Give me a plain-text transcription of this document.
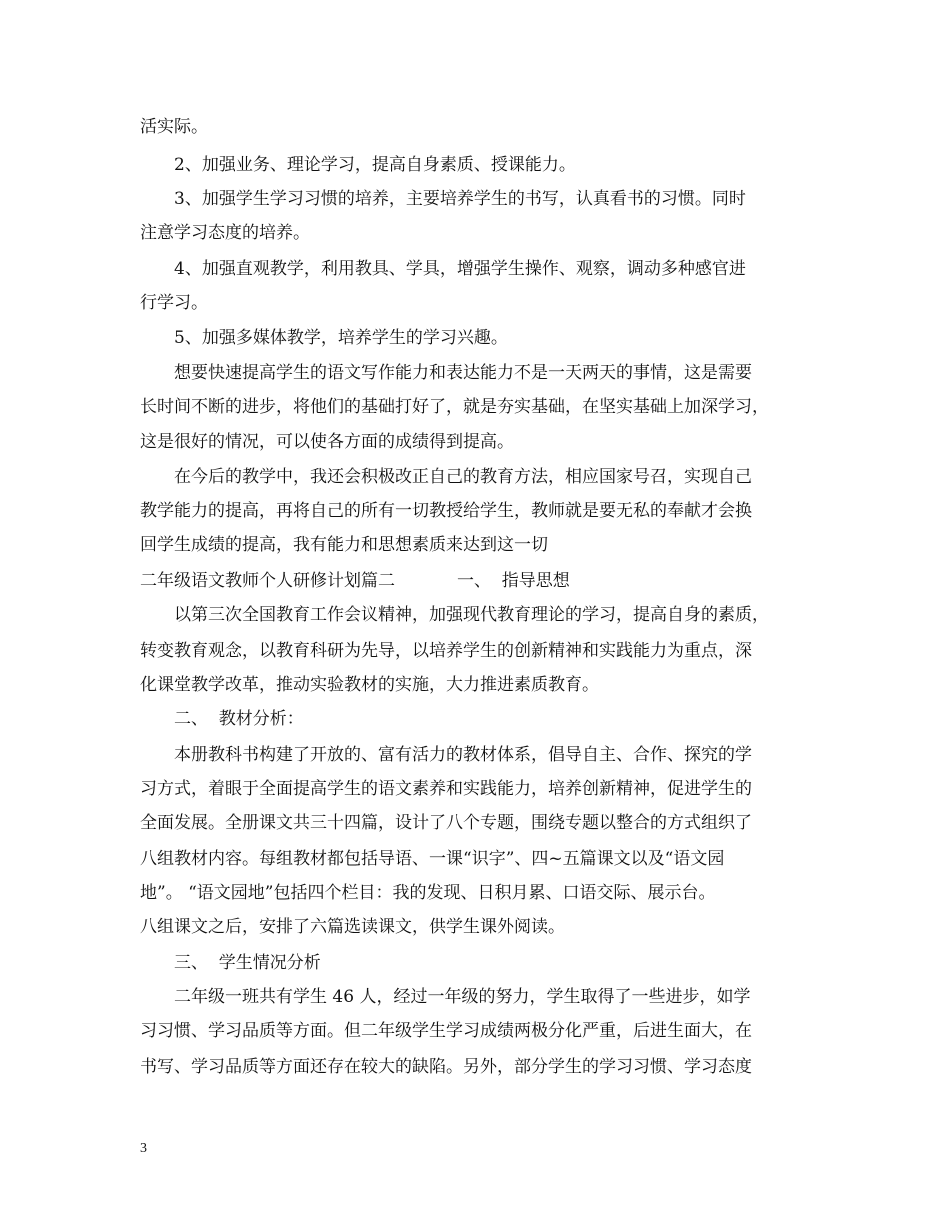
活实际。

2、加强业务、理论学习，提高自身素质、授课能力。

3、加强学生学习习惯的培养，主要培养学生的书写，认真看书的习惯。同时

注意学习态度的培养。

4、加强直观教学，利用教具、学具，增强学生操作、观察，调动多种感官进

行学习。

5、加强多媒体教学，培养学生的学习兴趣。

想要快速提高学生的语文写作能力和表达能力不是一天两天的事情，这是需要

长时间不断的进步，将他们的基础打好了，就是夯实基础，在坚实基础上加深学习，

这是很好的情况，可以使各方面的成绩得到提高。

在今后的教学中，我还会积极改正自己的教育方法，相应国家号召，实现自己

教学能力的提高，再将自己的所有一切教授给学生，教师就是要无私的奉献才会换

回学生成绩的提高，我有能力和思想素质来达到这一切

二年级语文教师个人研修计划篇二

	一、  指导思想

以第三次全国教育工作会议精神，加强现代教育理论的学习，提高自身的素质，

转变教育观念，以教育科研为先导，以培养学生的创新精神和实践能力为重点，深

化课堂教学改革，推动实验教材的实施，大力推进素质教育。

二、  教材分析：

本册教科书构建了开放的、富有活力的教材体系，倡导自主、合作、探究的学

习方式，着眼于全面提高学生的语文素养和实践能力，培养创新精神，促进学生的

全面发展。全册课文共三十四篇，设计了八个专题，围绕专题以整合的方式组织了

八组教材内容。每组教材都包括导语、一课“识字”、四~五篇课文以及“语文园

地”。 “语文园地”包括四个栏目：我的发现、日积月累、口语交际、展示台。

八组课文之后，安排了六篇选读课文，供学生课外阅读。

三、  学生情况分析

二年级一班共有学生 46 人，经过一年级的努力，学生取得了一些进步，如学

习习惯、学习品质等方面。但二年级学生学习成绩两极分化严重，后进生面大，在

书写、学习品质等方面还存在较大的缺陷。另外，部分学生的学习习惯、学习态度

3
